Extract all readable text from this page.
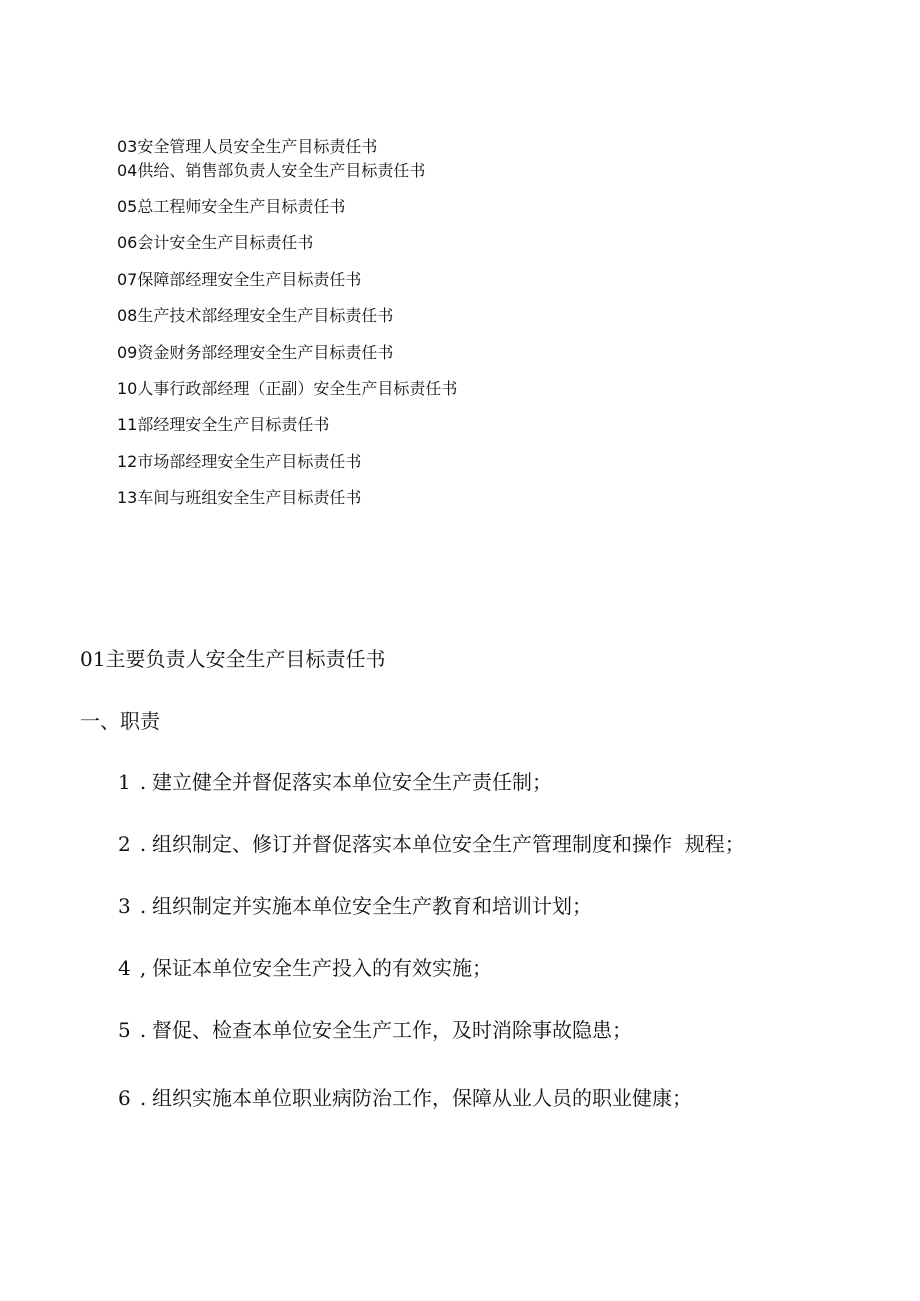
03安全管理人员安全生产目标责任书
04供给、销售部负责人安全生产目标责任书
05总工程师安全生产目标责任书
06会计安全生产目标责任书
07保障部经理安全生产目标责任书
08生产技术部经理安全生产目标责任书
09资金财务部经理安全生产目标责任书
10人事行政部经理（正副）安全生产目标责任书
11部经理安全生产目标责任书
12市场部经理安全生产目标责任书
13车间与班组安全生产目标责任书
01主要负责人安全生产目标责任书
一、职责
1 . 建立健全并督促落实本单位安全生产责任制；
2 . 组织制定、修订并督促落实本单位安全生产管理制度和操作  规程；
3 . 组织制定并实施本单位安全生产教育和培训计划；
4 , 保证本单位安全生产投入的有效实施；
5 . 督促、检查本单位安全生产工作，及时消除事故隐患；
6 . 组织实施本单位职业病防治工作，保障从业人员的职业健康；
